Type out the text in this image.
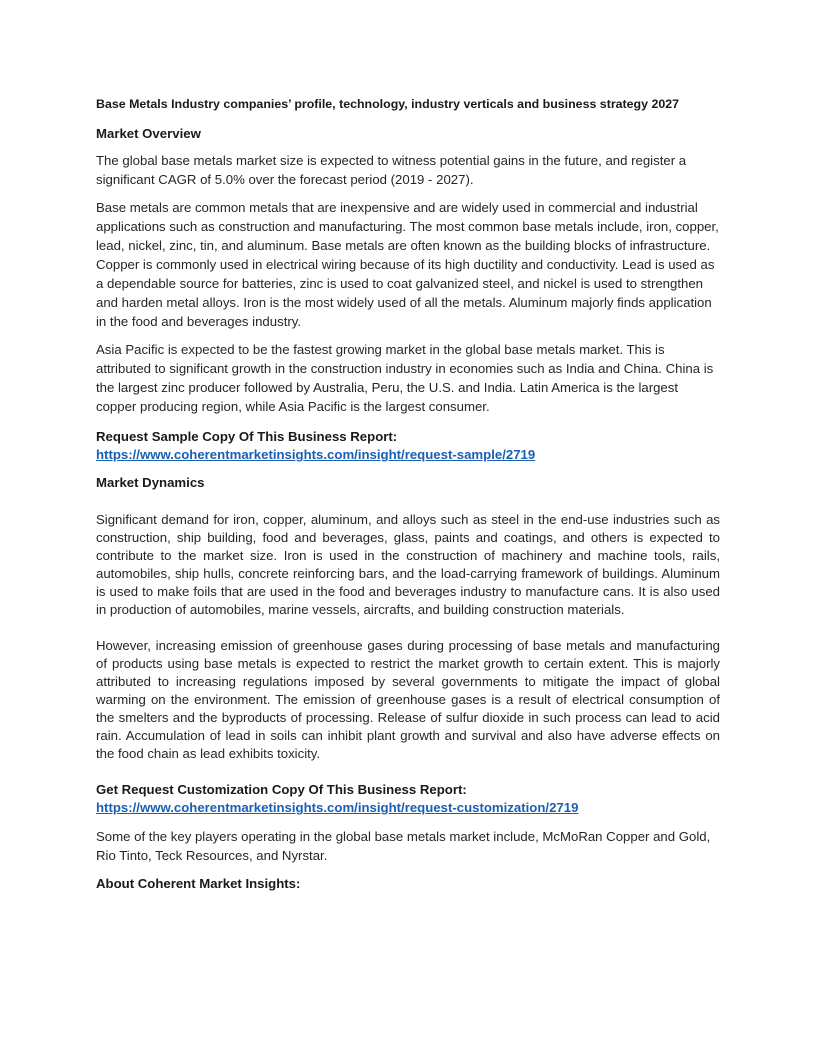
Base Metals Industry companies’ profile, technology, industry verticals and business strategy 2027
Market Overview

The global base metals market size is expected to witness potential gains in the future, and register a significant CAGR of 5.0% over the forecast period (2019 - 2027).

Base metals are common metals that are inexpensive and are widely used in commercial and industrial applications such as construction and manufacturing. The most common base metals include, iron, copper, lead, nickel, zinc, tin, and aluminum. Base metals are often known as the building blocks of infrastructure. Copper is commonly used in electrical wiring because of its high ductility and conductivity. Lead is used as a dependable source for batteries, zinc is used to coat galvanized steel, and nickel is used to strengthen and harden metal alloys. Iron is the most widely used of all the metals. Aluminum majorly finds application in the food and beverages industry.

Asia Pacific is expected to be the fastest growing market in the global base metals market. This is attributed to significant growth in the construction industry in economies such as India and China. China is the largest zinc producer followed by Australia, Peru, the U.S. and India. Latin America is the largest copper producing region, while Asia Pacific is the largest consumer.

Request Sample Copy Of This Business Report:

https://www.coherentmarketinsights.com/insight/request-sample/2719
Market Dynamics

Significant demand for iron, copper, aluminum, and alloys such as steel in the end-use industries such as construction, ship building, food and beverages, glass, paints and coatings, and others is expected to contribute to the market size. Iron is used in the construction of machinery and machine tools, rails, automobiles, ship hulls, concrete reinforcing bars, and the load-carrying framework of buildings. Aluminum is used to make foils that are used in the food and beverages industry to manufacture cans. It is also used in production of automobiles, marine vessels, aircrafts, and building construction materials.

However, increasing emission of greenhouse gases during processing of base metals and manufacturing of products using base metals is expected to restrict the market growth to certain extent. This is majorly attributed to increasing regulations imposed by several governments to mitigate the impact of global warming on the environment. The emission of greenhouse gases is a result of electrical consumption of the smelters and the byproducts of processing. Release of sulfur dioxide in such process can lead to acid rain. Accumulation of lead in soils can inhibit plant growth and survival and also have adverse effects on the food chain as lead exhibits toxicity.

Get Request Customization Copy Of This Business Report:

https://www.coherentmarketinsights.com/insight/request-customization/2719

Some of the key players operating in the global base metals market include, McMoRan Copper and Gold, Rio Tinto, Teck Resources, and Nyrstar.

About Coherent Market Insights:
